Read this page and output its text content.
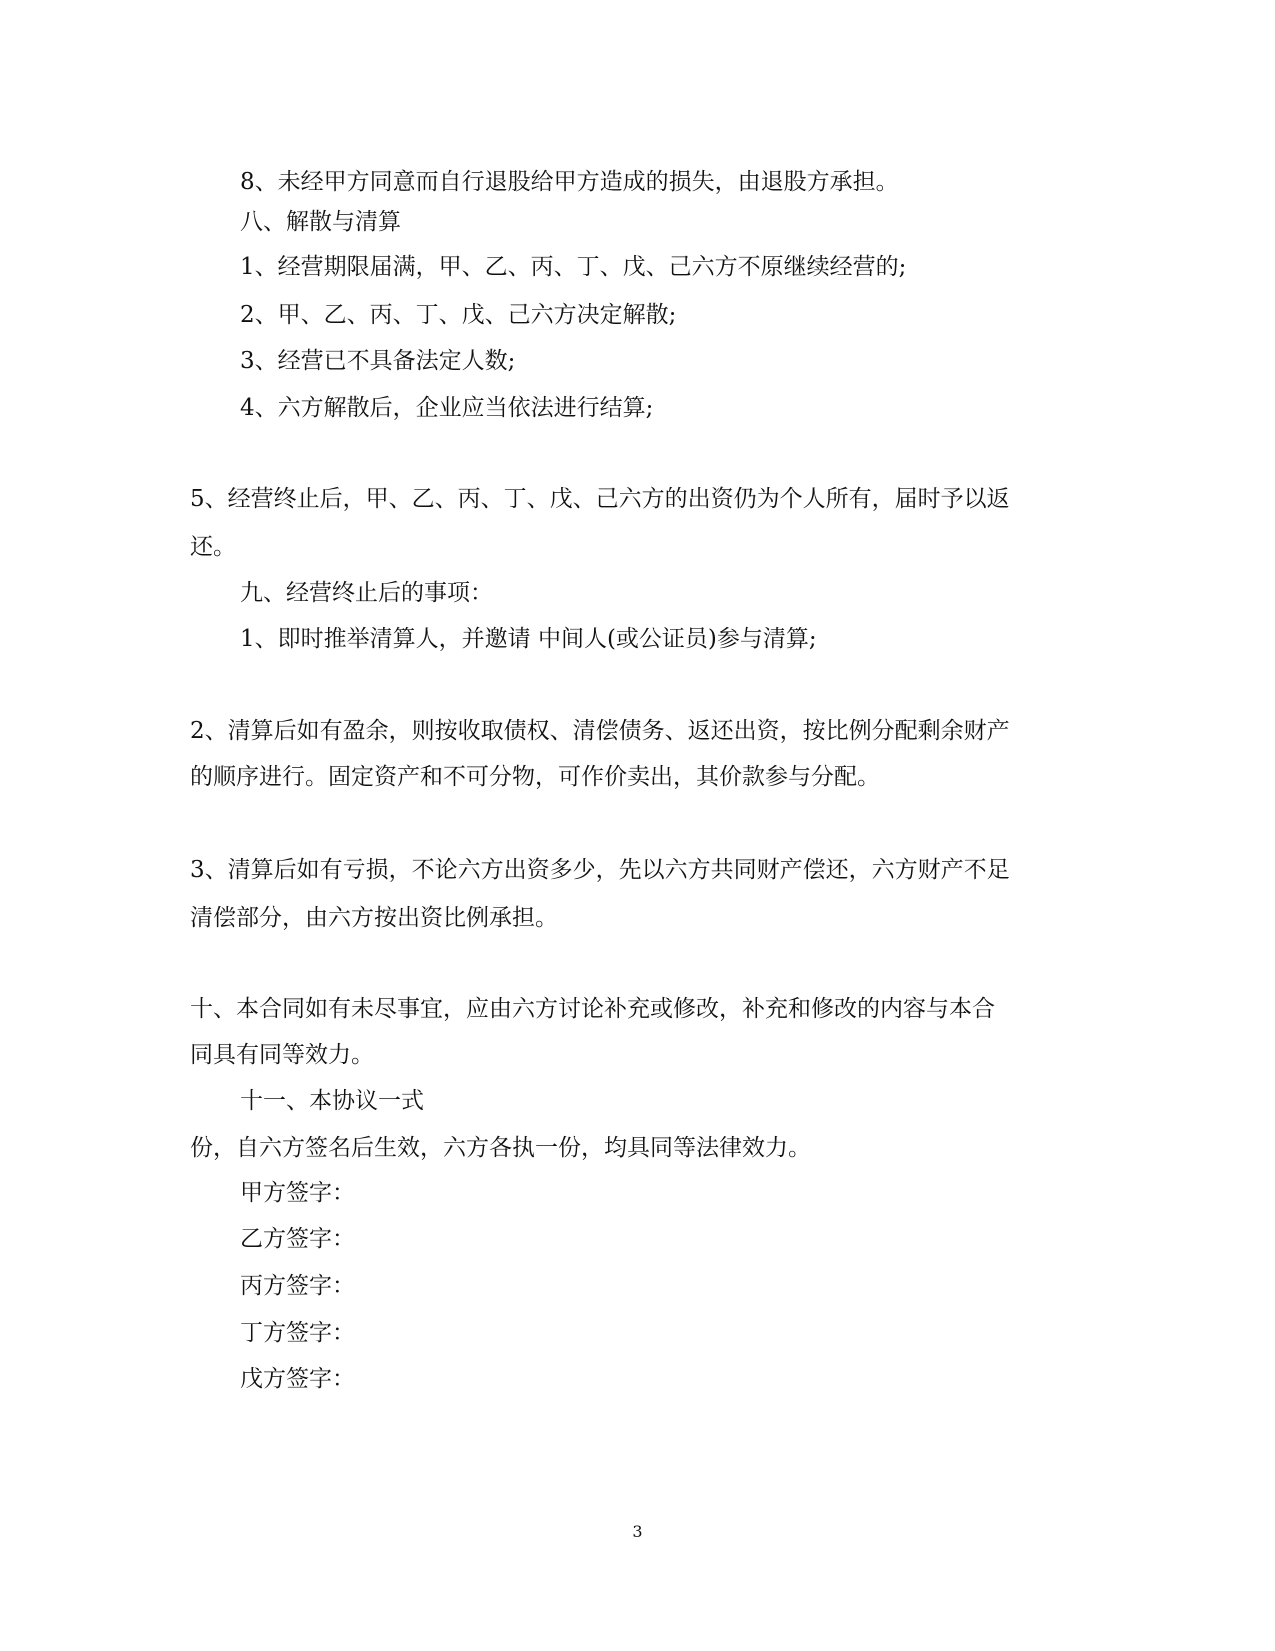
8、未经甲方同意而自行退股给甲方造成的损失，由退股方承担。
八、解散与清算
1、经营期限届满，甲、乙、丙、丁、戊、己六方不原继续经营的;
2、甲、乙、丙、丁、戊、己六方决定解散;
3、经营已不具备法定人数;
4、六方解散后，企业应当依法进行结算;
5、经营终止后，甲、乙、丙、丁、戊、己六方的出资仍为个人所有，届时予以返
还。
九、经营终止后的事项：
1、即时推举清算人，并邀请 中间人(或公证员)参与清算;
2、清算后如有盈余，则按收取债权、清偿债务、返还出资，按比例分配剩余财产
的顺序进行。固定资产和不可分物，可作价卖出，其价款参与分配。
3、清算后如有亏损，不论六方出资多少，先以六方共同财产偿还，六方财产不足
清偿部分，由六方按出资比例承担。
十、本合同如有未尽事宜，应由六方讨论补充或修改，补充和修改的内容与本合
同具有同等效力。
十一、本协议一式
份，自六方签名后生效，六方各执一份，均具同等法律效力。
甲方签字：
乙方签字：
丙方签字：
丁方签字：
戊方签字：
3
